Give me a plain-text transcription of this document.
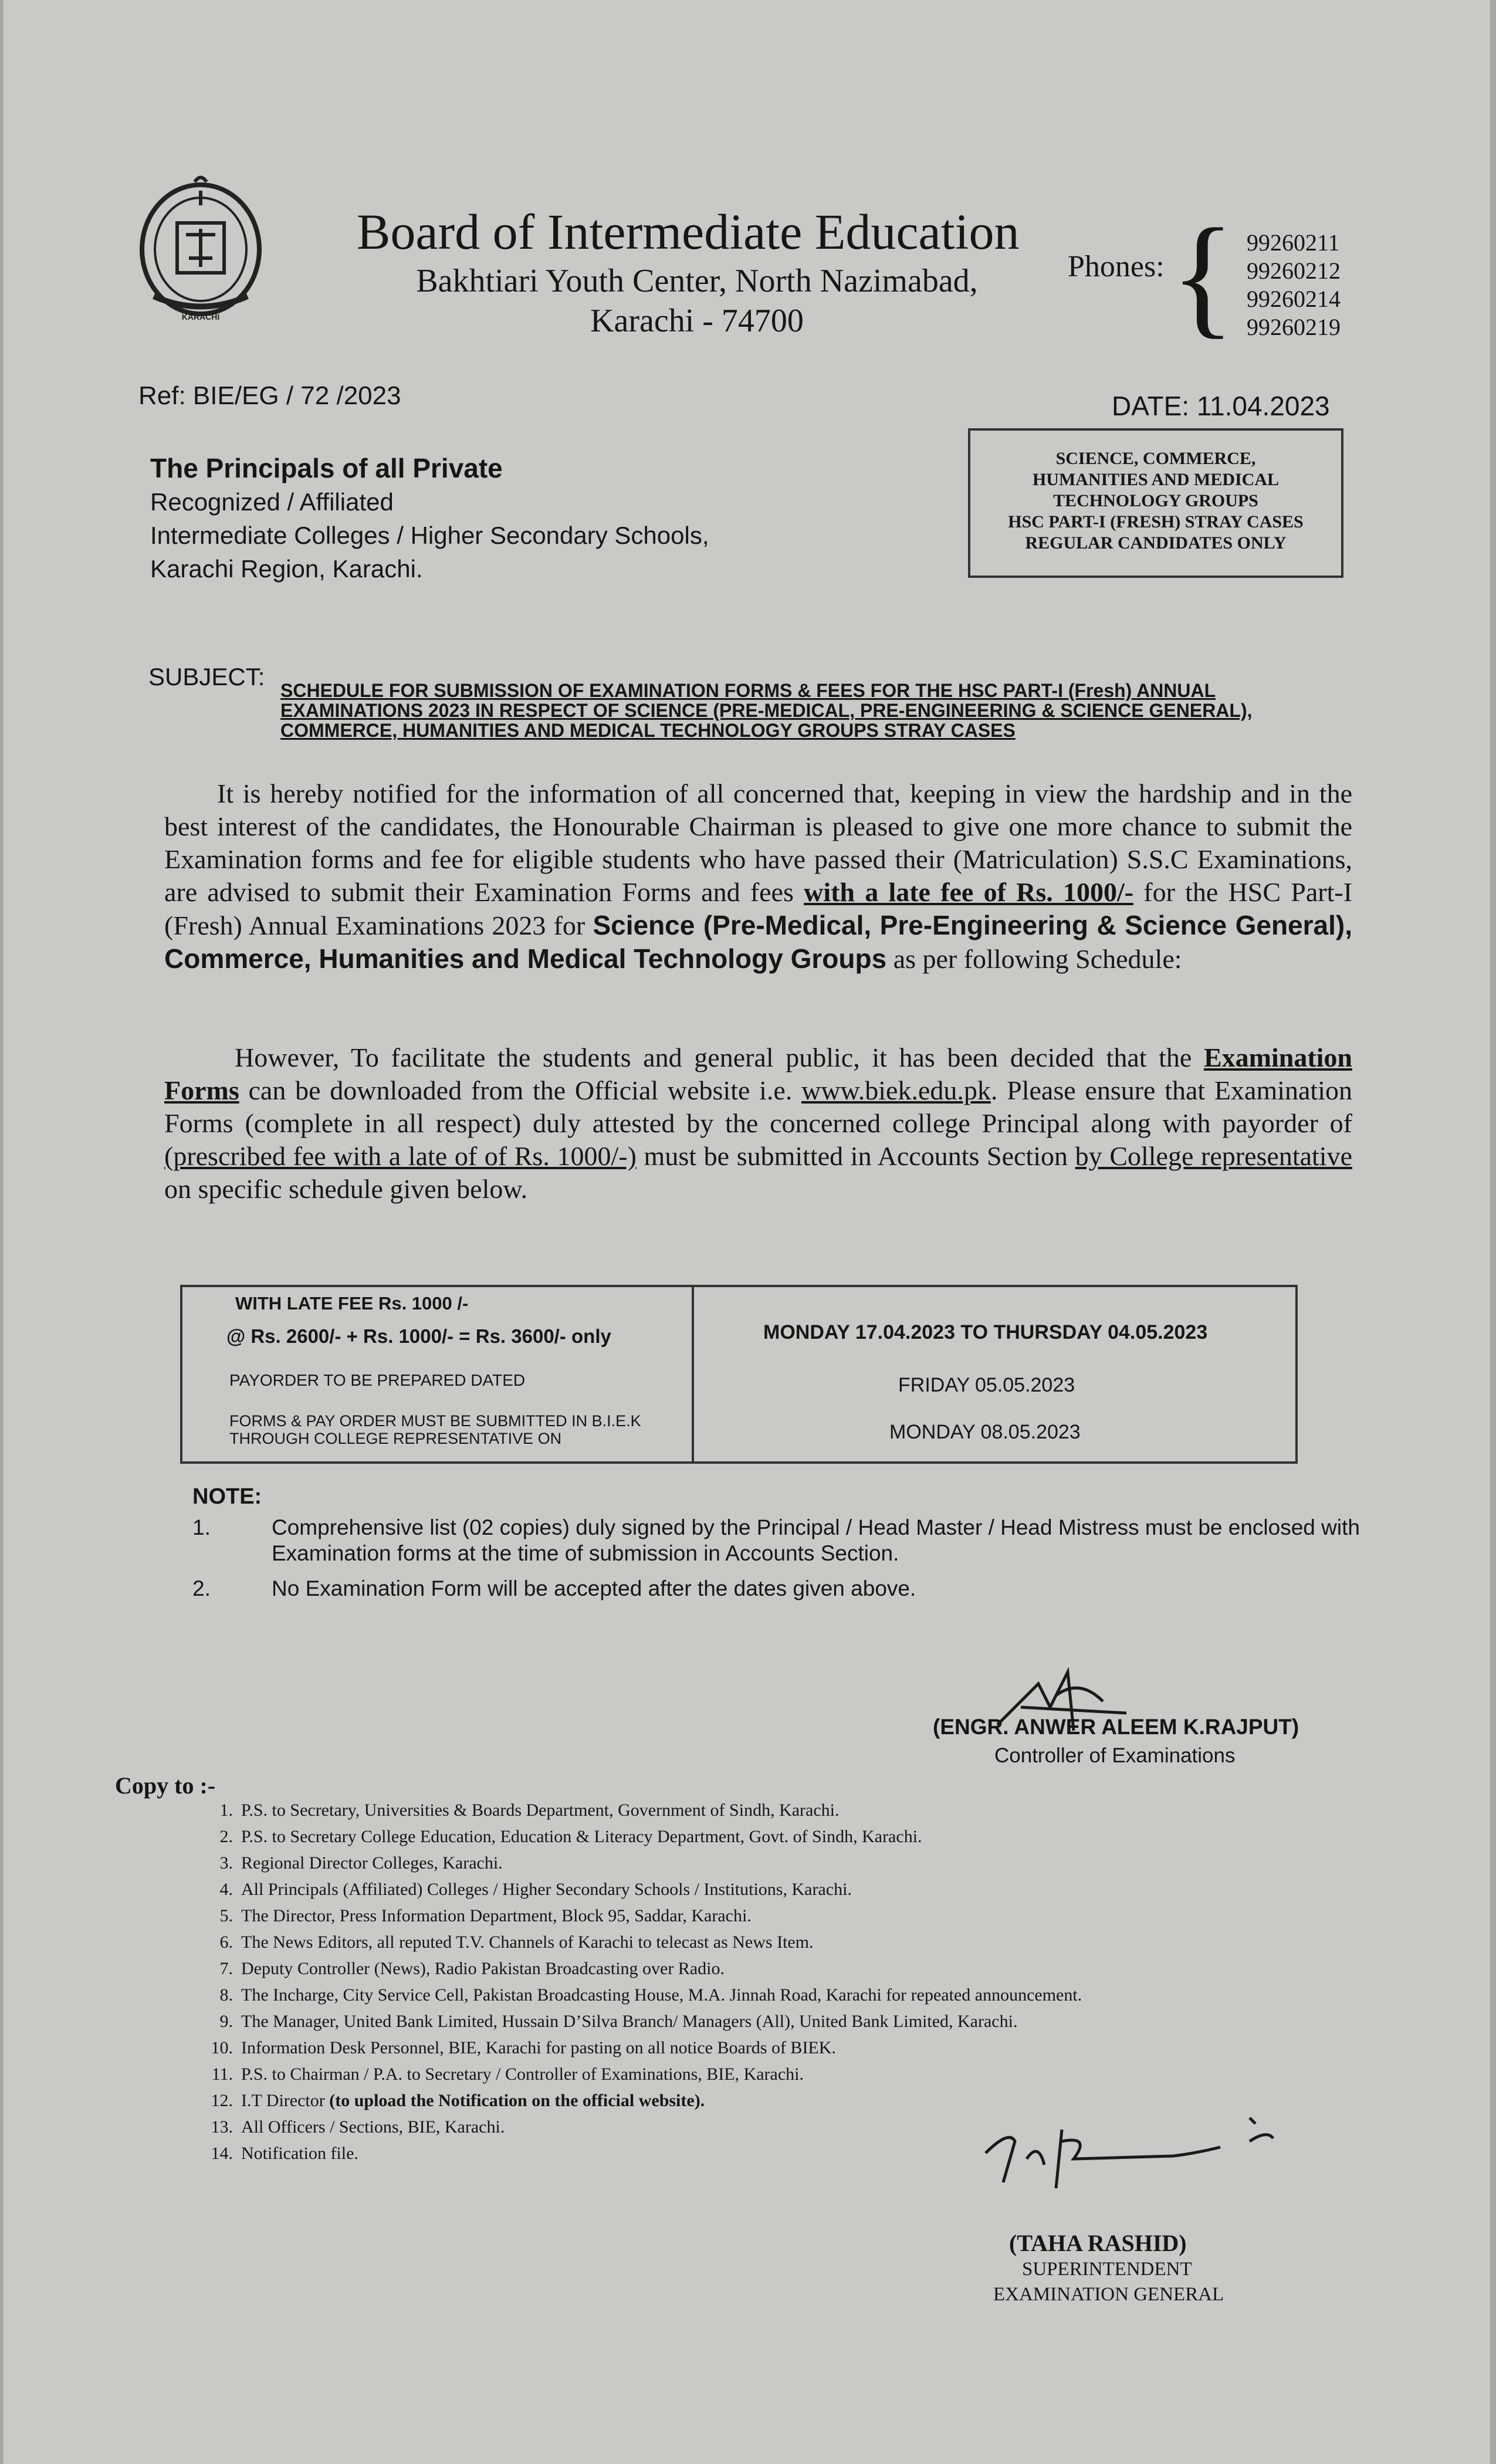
KARACHI
Board of Intermediate Education
Bakhtiari Youth Center, North Nazimabad,
Karachi - 74700
Phones: { 99260211
99260212
99260214
99260219
Ref: BIE/EG / 72 /2023	DATE: 11.04.2023
SCIENCE, COMMERCE,
HUMANITIES AND MEDICAL
TECHNOLOGY GROUPS
HSC PART-I (FRESH) STRAY CASES
REGULAR CANDIDATES ONLY
The Principals of all Private
Recognized / Affiliated
Intermediate Colleges / Higher Secondary Schools,
Karachi Region, Karachi.
SUBJECT: SCHEDULE FOR SUBMISSION OF EXAMINATION FORMS & FEES FOR THE HSC PART-I (Fresh) ANNUAL EXAMINATIONS 2023 IN RESPECT OF SCIENCE (PRE-MEDICAL, PRE-ENGINEERING & SCIENCE GENERAL), COMMERCE, HUMANITIES AND MEDICAL TECHNOLOGY GROUPS STRAY CASES
It is hereby notified for the information of all concerned that, keeping in view the hardship and in the best interest of the candidates, the Honourable Chairman is pleased to give one more chance to submit the Examination forms and fee for eligible students who have passed their (Matriculation) S.S.C Examinations, are advised to submit their Examination Forms and fees with a late fee of Rs. 1000/- for the HSC Part-I (Fresh) Annual Examinations 2023 for Science (Pre-Medical, Pre-Engineering & Science General), Commerce, Humanities and Medical Technology Groups as per following Schedule:
However, To facilitate the students and general public, it has been decided that the Examination Forms can be downloaded from the Official website i.e. www.biek.edu.pk. Please ensure that Examination Forms (complete in all respect) duly attested by the concerned college Principal along with payorder of (prescribed fee with a late of of Rs. 1000/-) must be submitted in Accounts Section by College representative on specific schedule given below.
WITH LATE FEE Rs. 1000 /-
@ Rs. 2600/- + Rs. 1000/- = Rs. 3600/- only	MONDAY 17.04.2023 TO THURSDAY 04.05.2023
PAYORDER TO BE PREPARED DATED	FRIDAY 05.05.2023
FORMS & PAY ORDER MUST BE SUBMITTED IN B.I.E.K
THROUGH COLLEGE REPRESENTATIVE ON	MONDAY 08.05.2023
NOTE:
1.	Comprehensive list (02 copies) duly signed by the Principal / Head Master / Head Mistress must be enclosed with Examination forms at the time of submission in Accounts Section.
2.	No Examination Form will be accepted after the dates given above.
(ENGR. ANWER ALEEM K.RAJPUT)
Controller of Examinations
Copy to :-
1. P.S. to Secretary, Universities & Boards Department, Government of Sindh, Karachi.
2. P.S. to Secretary College Education, Education & Literacy Department, Govt. of Sindh, Karachi.
3. Regional Director Colleges, Karachi.
4. All Principals (Affiliated) Colleges / Higher Secondary Schools / Institutions, Karachi.
5. The Director, Press Information Department, Block 95, Saddar, Karachi.
6. The News Editors, all reputed T.V. Channels of Karachi to telecast as News Item.
7. Deputy Controller (News), Radio Pakistan Broadcasting over Radio.
8. The Incharge, City Service Cell, Pakistan Broadcasting House, M.A. Jinnah Road, Karachi for repeated announcement.
9. The Manager, United Bank Limited, Hussain D’Silva Branch/ Managers (All), United Bank Limited, Karachi.
10. Information Desk Personnel, BIE, Karachi for pasting on all notice Boards of BIEK.
11. P.S. to Chairman / P.A. to Secretary / Controller of Examinations, BIE, Karachi.
12. I.T Director (to upload the Notification on the official website).
13. All Officers / Sections, BIE, Karachi.
14. Notification file.
(TAHA RASHID)
SUPERINTENDENT
EXAMINATION GENERAL
